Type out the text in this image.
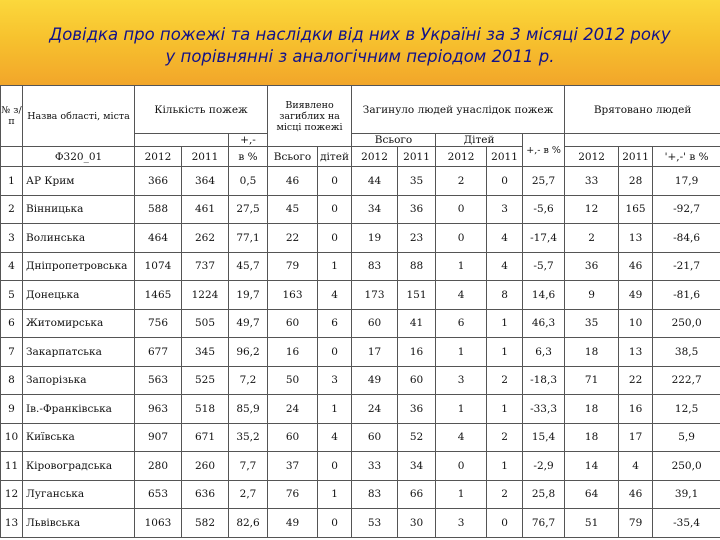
Довідка про пожежі та наслідки від них в Україні за 3 місяці 2012 року
у порівнянні з аналогічним періодом 2011 р.
№ з/п	Назва області, міста	Кількість пожеж			Виявлено загиблих на місці пожежі		Загинуло людей унаслідок пожеж					Врятовано людей		
				+,-			Всього		Дітей		+,- в %			
	Ф320_01	2012	2011	в %	Всього	дітей	2012	2011	2012	2011		2012	2011	'+,-' в %
1	АР Крим	366	364	0,5	46	0	44	35	2	0	25,7	33	28	17,9
2	Вінницька	588	461	27,5	45	0	34	36	0	3	-5,6	12	165	-92,7
3	Волинська	464	262	77,1	22	0	19	23	0	4	-17,4	2	13	-84,6
4	Дніпропетровська	1074	737	45,7	79	1	83	88	1	4	-5,7	36	46	-21,7
5	Донецька	1465	1224	19,7	163	4	173	151	4	8	14,6	9	49	-81,6
6	Житомирська	756	505	49,7	60	6	60	41	6	1	46,3	35	10	250,0
7	Закарпатська	677	345	96,2	16	0	17	16	1	1	6,3	18	13	38,5
8	Запорізька	563	525	7,2	50	3	49	60	3	2	-18,3	71	22	222,7
9	Ів.-Франківська	963	518	85,9	24	1	24	36	1	1	-33,3	18	16	12,5
10	Київська	907	671	35,2	60	4	60	52	4	2	15,4	18	17	5,9
11	Кіровоградська	280	260	7,7	37	0	33	34	0	1	-2,9	14	4	250,0
12	Луганська	653	636	2,7	76	1	83	66	1	2	25,8	64	46	39,1
13	Львівська	1063	582	82,6	49	0	53	30	3	0	76,7	51	79	-35,4
